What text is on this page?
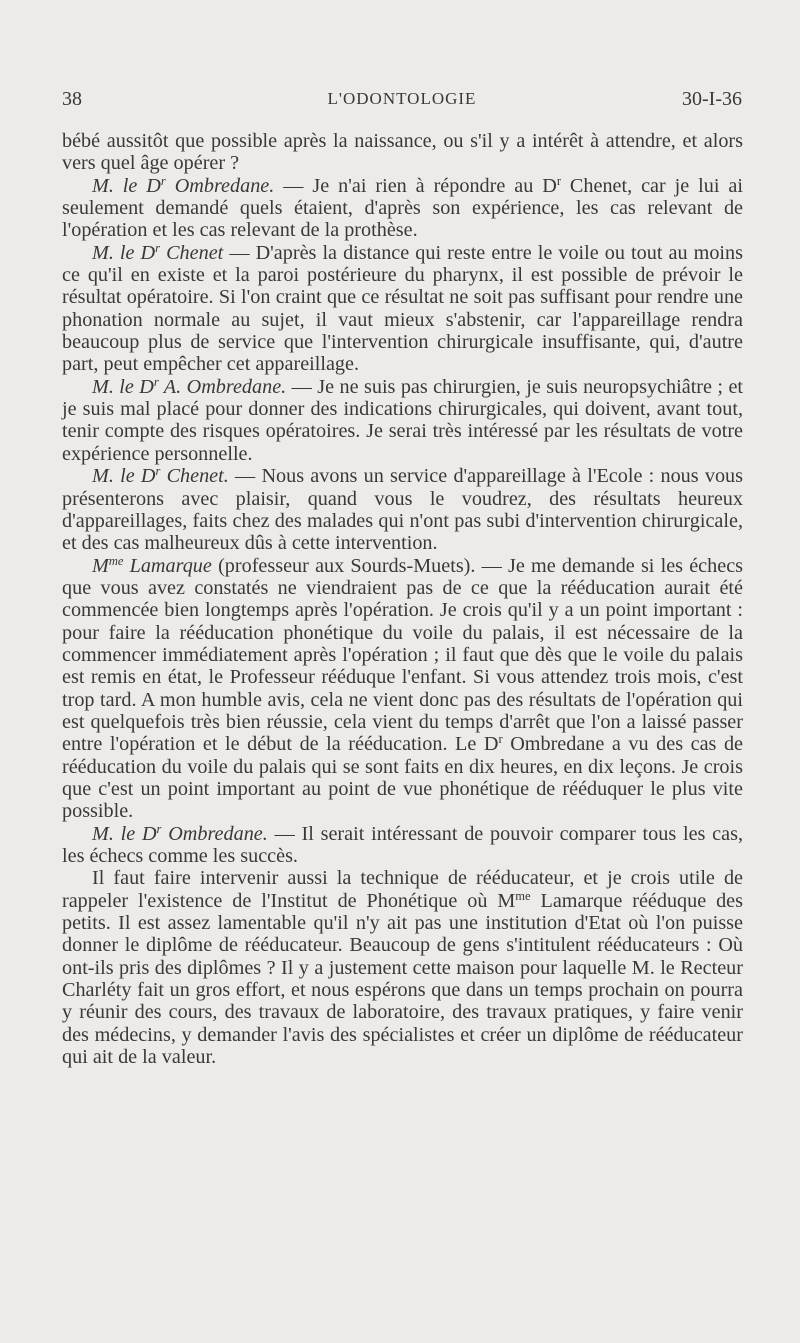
38	L'ODONTOLOGIE	30-I-36

bébé aussitôt que possible après la naissance, ou s'il y a intérêt à attendre, et alors vers quel âge opérer ?

M. le $D^r$ Ombredane. — Je n'ai rien à répondre au $D^r$ Chenet, car je lui ai seulement demandé quels étaient, d'après son expérience, les cas relevant de l'opération et les cas relevant de la prothèse.

M. le $D^r$ Chenet — D'après la distance qui reste entre le voile ou tout au moins ce qu'il en existe et la paroi postérieure du pharynx, il est possible de prévoir le résultat opératoire. Si l'on craint que ce résultat ne soit pas suffisant pour rendre une phonation normale au sujet, il vaut mieux s'abstenir, car l'appareillage rendra beaucoup plus de service que l'intervention chirurgicale insuffisante, qui, d'autre part, peut empêcher cet appareillage.

M. le $D^r$ A. Ombredane. — Je ne suis pas chirurgien, je suis neuropsychiâtre ; et je suis mal placé pour donner des indications chirurgicales, qui doivent, avant tout, tenir compte des risques opératoires. Je serai très intéressé par les résultats de votre expérience personnelle.

M. le $D^r$ Chenet. — Nous avons un service d'appareillage à l'Ecole : nous vous présenterons avec plaisir, quand vous le voudrez, des résultats heureux d'appareillages, faits chez des malades qui n'ont pas subi d'intervention chirurgicale, et des cas malheureux dûs à cette intervention.

$M^{me}$ Lamarque (professeur aux Sourds-Muets). — Je me demande si les échecs que vous avez constatés ne viendraient pas de ce que la rééducation aurait été commencée bien longtemps après l'opération. Je crois qu'il y a un point important : pour faire la rééducation phonétique du voile du palais, il est nécessaire de la commencer immédiatement après l'opération ; il faut que dès que le voile du palais est remis en état, le Professeur rééduque l'enfant. Si vous attendez trois mois, c'est trop tard. A mon humble avis, cela ne vient donc pas des résultats de l'opération qui est quelquefois très bien réussie, cela vient du temps d'arrêt que l'on a laissé passer entre l'opération et le début de la rééducation. Le $D^r$ Ombredane a vu des cas de rééducation du voile du palais qui se sont faits en dix heures, en dix leçons. Je crois que c'est un point important au point de vue phonétique de rééduquer le plus vite possible.

M. le $D^r$ Ombredane. — Il serait intéressant de pouvoir comparer tous les cas, les échecs comme les succès.

Il faut faire intervenir aussi la technique de rééducateur, et je crois utile de rappeler l'existence de l'Institut de Phonétique où $M^{me}$ Lamarque rééduque des petits. Il est assez lamentable qu'il n'y ait pas une institution d'Etat où l'on puisse donner le diplôme de rééducateur. Beaucoup de gens s'intitulent rééducateurs : Où ont-ils pris des diplômes ? Il y a justement cette maison pour laquelle M. le Recteur Charléty fait un gros effort, et nous espérons que dans un temps prochain on pourra y réunir des cours, des travaux de laboratoire, des travaux pratiques, y faire venir des médecins, y demander l'avis des spécialistes et créer un diplôme de rééducateur qui ait de la valeur.
